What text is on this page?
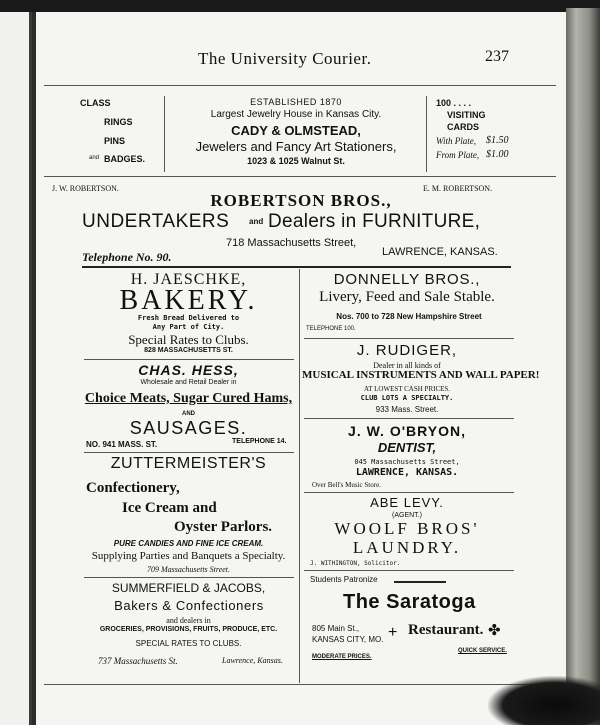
The University Courier.	237
CLASS
RINGS
PINS
and BADGES.
ESTABLISHED 1870
Largest Jewelry House in Kansas City.
CADY & OLMSTEAD,
Jewelers and Fancy Art Stationers,
1023 & 1025 Walnut St.
100 . . . .
VISITING
CARDS
With Plate, $1.50
From Plate, $1.00
J. W. ROBERTSON.	E. M. ROBERTSON.
ROBERTSON BROS.,
UNDERTAKERS and Dealers in FURNITURE,
718 Massachusetts Street,
Telephone No. 90.	LAWRENCE, KANSAS.
H. JAESCHKE,
BAKERY.
Fresh Bread Delivered to
Any Part of City.
Special Rates to Clubs.
828 MASSACHUSETTS ST.
CHAS. HESS,
Wholesale and Retail Dealer in
Choice Meats, Sugar Cured Hams,
AND
SAUSAGES.
NO. 941 MASS. ST.	TELEPHONE 14.
ZUTTERMEISTER'S
Confectionery,
Ice Cream and
Oyster Parlors.
PURE CANDIES AND FINE ICE CREAM.
Supplying Parties and Banquets a Specialty.
709 Massachusetts Street.
SUMMERFIELD & JACOBS,
Bakers & Confectioners
and dealers in
GROCERIES, PROVISIONS, FRUITS, PRODUCE, ETC.
SPECIAL RATES TO CLUBS.
737 Massachusetts St.	Lawrence, Kansas.
DONNELLY BROS.,
Livery, Feed and Sale Stable.
Nos. 700 to 728 New Hampshire Street
TELEPHONE 100.
J. RUDIGER,
Dealer in all kinds of
MUSICAL INSTRUMENTS AND WALL PAPER!
AT LOWEST CASH PRICES.
CLUB LOTS A SPECIALTY.
933 Mass. Street.
J. W. O'BRYON,
DENTIST,
045 Massachusetts Street,
LAWRENCE, KANSAS.
Over Bell's Music Store.
ABE LEVY.
(AGENT.)
WOOLF BROS'
LAUNDRY.
J. WITHINGTON, Solicitor.
Students Patronize
The Saratoga
805 Main St.,
KANSAS CITY, MO. + Restaurant. ✤
MODERATE PRICES.
QUICK SERVICE.
